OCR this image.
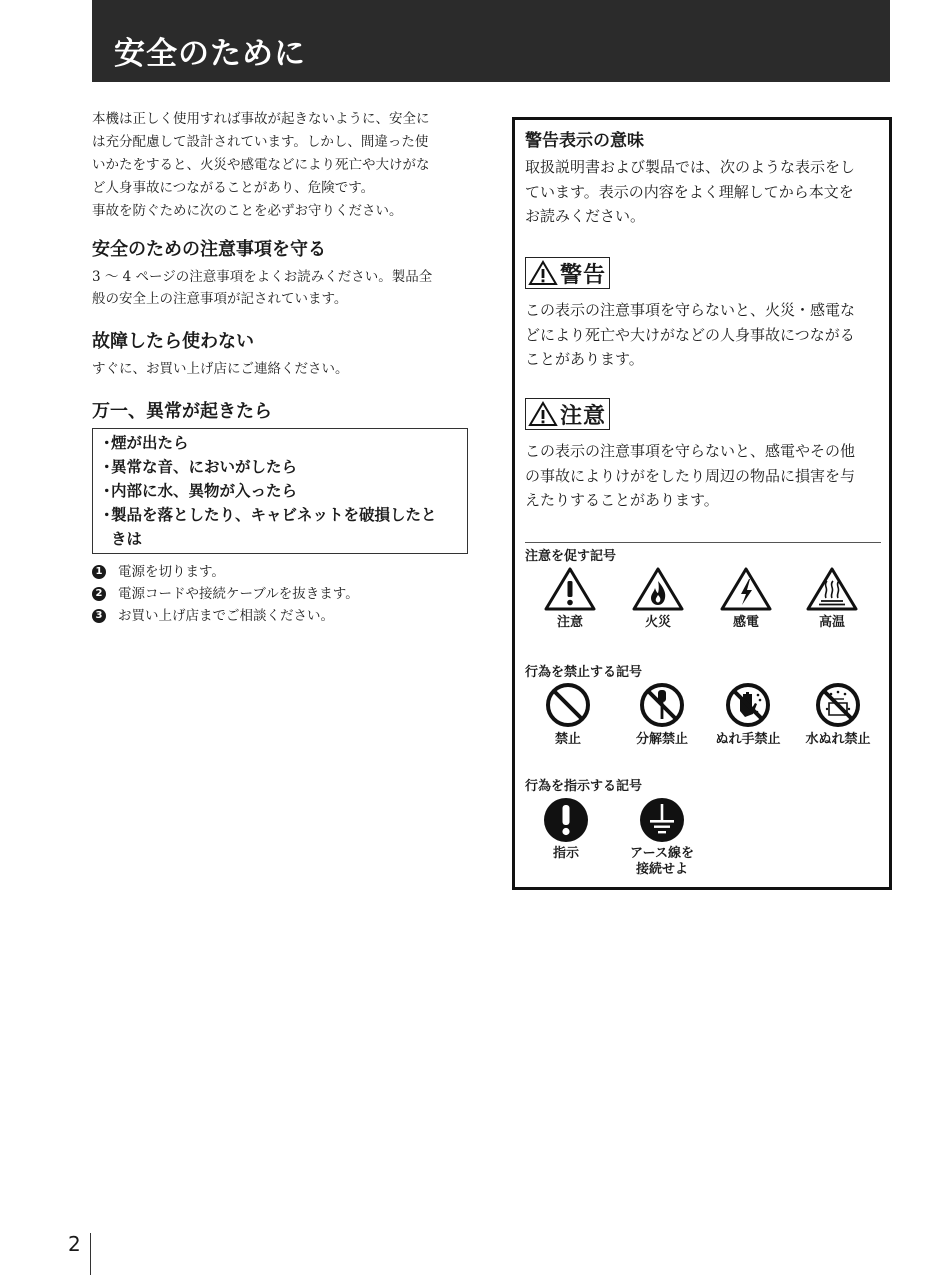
安全のために
本機は正しく使用すれば事故が起きないように、安全に
は充分配慮して設計されています。しかし、間違った使
いかたをすると、火災や感電などにより死亡や大けがな
ど人身事故につながることがあり、危険です。
事故を防ぐために次のことを必ずお守りください。
安全のための注意事項を守る
3 ～ 4 ページの注意事項をよくお読みください。製品全
般の安全上の注意事項が記されています。
故障したら使わない
すぐに、お買い上げ店にご連絡ください。
万一、異常が起きたら
・煙が出たら
・異常な音、においがしたら
・内部に水、異物が入ったら
・製品を落としたり、キャビネットを破損したと
きは
1 電源を切ります。
2 電源コードや接続ケーブルを抜きます。
3 お買い上げ店までご相談ください。
警告表示の意味
取扱説明書および製品では、次のような表示をし
ています。表示の内容をよく理解してから本文を
お読みください。
警告
この表示の注意事項を守らないと、火災・感電な
どにより死亡や大けがなどの人身事故につながる
ことがあります。
注意
この表示の注意事項を守らないと、感電やその他
の事故によりけがをしたり周辺の物品に損害を与
えたりすることがあります。
注意を促す記号
注意	火災	感電	高温
行為を禁止する記号
禁止	分解禁止	ぬれ手禁止	水ぬれ禁止
行為を指示する記号
指示	アース線を
接続せよ
2
